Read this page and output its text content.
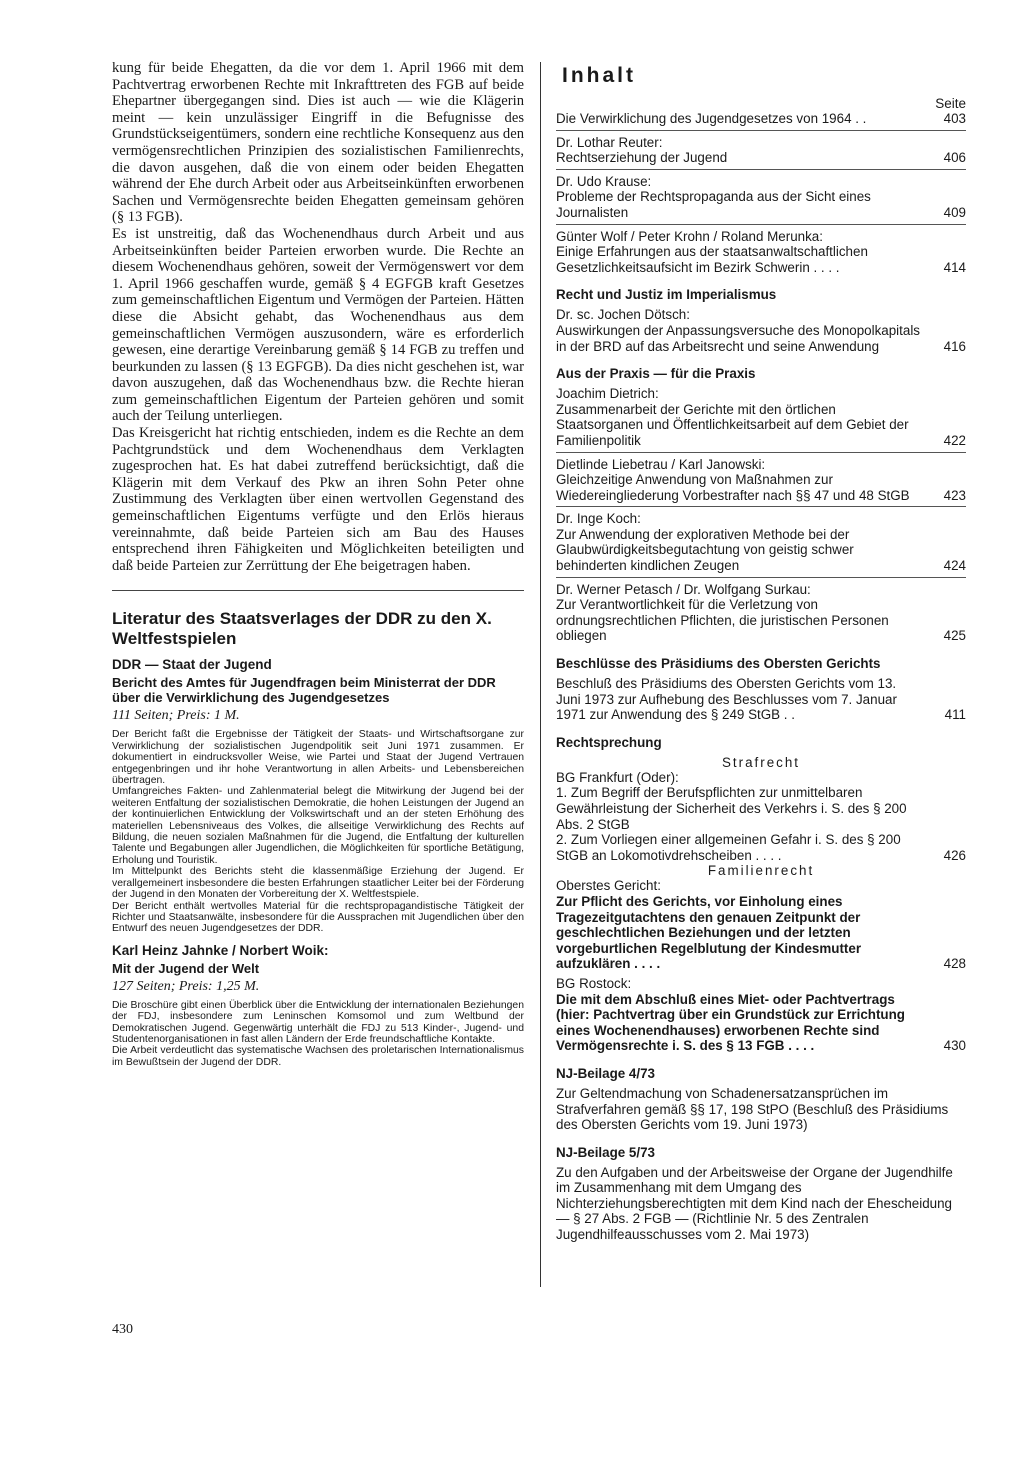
kung für beide Ehegatten, da die vor dem 1. April 1966 mit dem Pachtvertrag erworbenen Rechte mit Inkrafttreten des FGB auf beide Ehepartner übergegangen sind. Dies ist auch — wie die Klägerin meint — kein unzulässiger Eingriff in die Befugnisse des Grundstückseigentümers, sondern eine rechtliche Konsequenz aus den vermögensrechtlichen Prinzipien des sozialistischen Familienrechts, die davon ausgehen, daß die von einem oder beiden Ehegatten während der Ehe durch Arbeit oder aus Arbeitseinkünften erworbenen Sachen und Vermögensrechte beiden Ehegatten gemeinsam gehören (§ 13 FGB).

Es ist unstreitig, daß das Wochenendhaus durch Arbeit und aus Arbeitseinkünften beider Parteien erworben wurde. Die Rechte an diesem Wochenendhaus gehören, soweit der Vermögenswert vor dem 1. April 1966 geschaffen wurde, gemäß § 4 EGFGB kraft Gesetzes zum gemeinschaftlichen Eigentum und Vermögen der Parteien. Hätten diese die Absicht gehabt, das Wochenendhaus aus dem gemeinschaftlichen Vermögen auszusondern, wäre es erforderlich gewesen, eine derartige Vereinbarung gemäß § 14 FGB zu treffen und beurkunden zu lassen (§ 13 EGFGB). Da dies nicht geschehen ist, war davon auszugehen, daß das Wochenendhaus bzw. die Rechte hieran zum gemeinschaftlichen Eigentum der Parteien gehören und somit auch der Teilung unterliegen.

Das Kreisgericht hat richtig entschieden, indem es die Rechte an dem Pachtgrundstück und dem Wochenendhaus dem Verklagten zugesprochen hat. Es hat dabei zutreffend berücksichtigt, daß die Klägerin mit dem Verkauf des Pkw an ihren Sohn Peter ohne Zustimmung des Verklagten über einen wertvollen Gegenstand des gemeinschaftlichen Eigentums verfügte und den Erlös hieraus vereinnahmte, daß beide Parteien sich am Bau des Hauses entsprechend ihren Fähigkeiten und Möglichkeiten beteiligten und daß beide Parteien zur Zerrüttung der Ehe beigetragen haben.

Literatur des Staatsverlages der DDR zu den X. Weltfestspielen
DDR — Staat der Jugend
Bericht des Amtes für Jugendfragen beim Ministerrat der DDR über die Verwirklichung des Jugendgesetzes
111 Seiten; Preis: 1 M.

Der Bericht faßt die Ergebnisse der Tätigkeit der Staats- und Wirtschaftsorgane zur Verwirklichung der sozialistischen Jugendpolitik seit Juni 1971 zusammen. Er dokumentiert in eindrucksvoller Weise, wie Partei und Staat der Jugend Vertrauen entgegenbringen und ihr hohe Verantwortung in allen Arbeits- und Lebensbereichen übertragen.

Umfangreiches Fakten- und Zahlenmaterial belegt die Mitwirkung der Jugend bei der weiteren Entfaltung der sozialistischen Demokratie, die hohen Leistungen der Jugend an der kontinuierlichen Entwicklung der Volkswirtschaft und an der steten Erhöhung des materiellen Lebensniveaus des Volkes, die allseitige Verwirklichung des Rechts auf Bildung, die neuen sozialen Maßnahmen für die Jugend, die Entfaltung der kulturellen Talente und Begabungen aller Jugendlichen, die Möglichkeiten für sportliche Betätigung, Erholung und Touristik.

Im Mittelpunkt des Berichts steht die klassenmäßige Erziehung der Jugend. Er verallgemeinert insbesondere die besten Erfahrungen staatlicher Leiter bei der Förderung der Jugend in den Monaten der Vorbereitung der X. Weltfestspiele.

Der Bericht enthält wertvolles Material für die rechtspropagandistische Tätigkeit der Richter und Staatsanwälte, insbesondere für die Aussprachen mit Jugendlichen über den Entwurf des neuen Jugendgesetzes der DDR.

Karl Heinz Jahnke / Norbert Woik:
Mit der Jugend der Welt
127 Seiten; Preis: 1,25 M.

Die Broschüre gibt einen Überblick über die Entwicklung der internationalen Beziehungen der FDJ, insbesondere zum Leninschen Komsomol und zum Weltbund der Demokratischen Jugend. Gegenwärtig unterhält die FDJ zu 513 Kinder-, Jugend- und Studentenorganisationen in fast allen Ländern der Erde freundschaftliche Kontakte.

Die Arbeit verdeutlicht das systematische Wachsen des proletarischen Internationalismus im Bewußtsein der Jugend der DDR.

430
Inhalt
Seite
Die Verwirklichung des Jugendgesetzes von 1964 . .	403
Dr. Lothar Reuter:
Rechtserziehung der Jugend	406
Dr. Udo Krause:
Probleme der Rechtspropaganda aus der Sicht eines Journalisten	409
Günter Wolf / Peter Krohn / Roland Merunka:
Einige Erfahrungen aus der staatsanwaltschaftlichen Gesetzlichkeitsaufsicht im Bezirk Schwerin . . . .	414
Recht und Justiz im Imperialismus
Dr. sc. Jochen Dötsch:
Auswirkungen der Anpassungsversuche des Monopolkapitals in der BRD auf das Arbeitsrecht und seine Anwendung	416
Aus der Praxis — für die Praxis
Joachim Dietrich:
Zusammenarbeit der Gerichte mit den örtlichen Staatsorganen und Öffentlichkeitsarbeit auf dem Gebiet der Familienpolitik	422
Dietlinde Liebetrau / Karl Janowski:
Gleichzeitige Anwendung von Maßnahmen zur Wiedereingliederung Vorbestrafter nach §§ 47 und 48 StGB	423
Dr. Inge Koch:
Zur Anwendung der explorativen Methode bei der Glaubwürdigkeitsbegutachtung von geistig schwer behinderten kindlichen Zeugen	424
Dr. Werner Petasch / Dr. Wolfgang Surkau:
Zur Verantwortlichkeit für die Verletzung von ordnungsrechtlichen Pflichten, die juristischen Personen obliegen	425
Beschlüsse des Präsidiums des Obersten Gerichts
Beschluß des Präsidiums des Obersten Gerichts vom 13. Juni 1973 zur Aufhebung des Beschlusses vom 7. Januar 1971 zur Anwendung des § 249 StGB . .	411
Rechtsprechung
Strafrecht
BG Frankfurt (Oder):
1. Zum Begriff der Berufspflichten zur unmittelbaren Gewährleistung der Sicherheit des Verkehrs i. S. des § 200 Abs. 2 StGB
2. Zum Vorliegen einer allgemeinen Gefahr i. S. des § 200 StGB an Lokomotivdrehscheiben . . . .	426
Familienrecht
Oberstes Gericht:
Zur Pflicht des Gerichts, vor Einholung eines Tragezeitgutachtens den genauen Zeitpunkt der geschlechtlichen Beziehungen und der letzten vorgeburtlichen Regelblutung der Kindesmutter aufzuklären . . . .	428
BG Rostock:
Die mit dem Abschluß eines Miet- oder Pachtvertrags (hier: Pachtvertrag über ein Grundstück zur Errichtung eines Wochenendhauses) erworbenen Rechte sind Vermögensrechte i. S. des § 13 FGB . . . .	430
NJ-Beilage 4/73
Zur Geltendmachung von Schadenersatzansprüchen im Strafverfahren gemäß §§ 17, 198 StPO (Beschluß des Präsidiums des Obersten Gerichts vom 19. Juni 1973)
NJ-Beilage 5/73
Zu den Aufgaben und der Arbeitsweise der Organe der Jugendhilfe im Zusammenhang mit dem Umgang des Nichterziehungsberechtigten mit dem Kind nach der Ehescheidung — § 27 Abs. 2 FGB — (Richtlinie Nr. 5 des Zentralen Jugendhilfeausschusses vom 2. Mai 1973)
